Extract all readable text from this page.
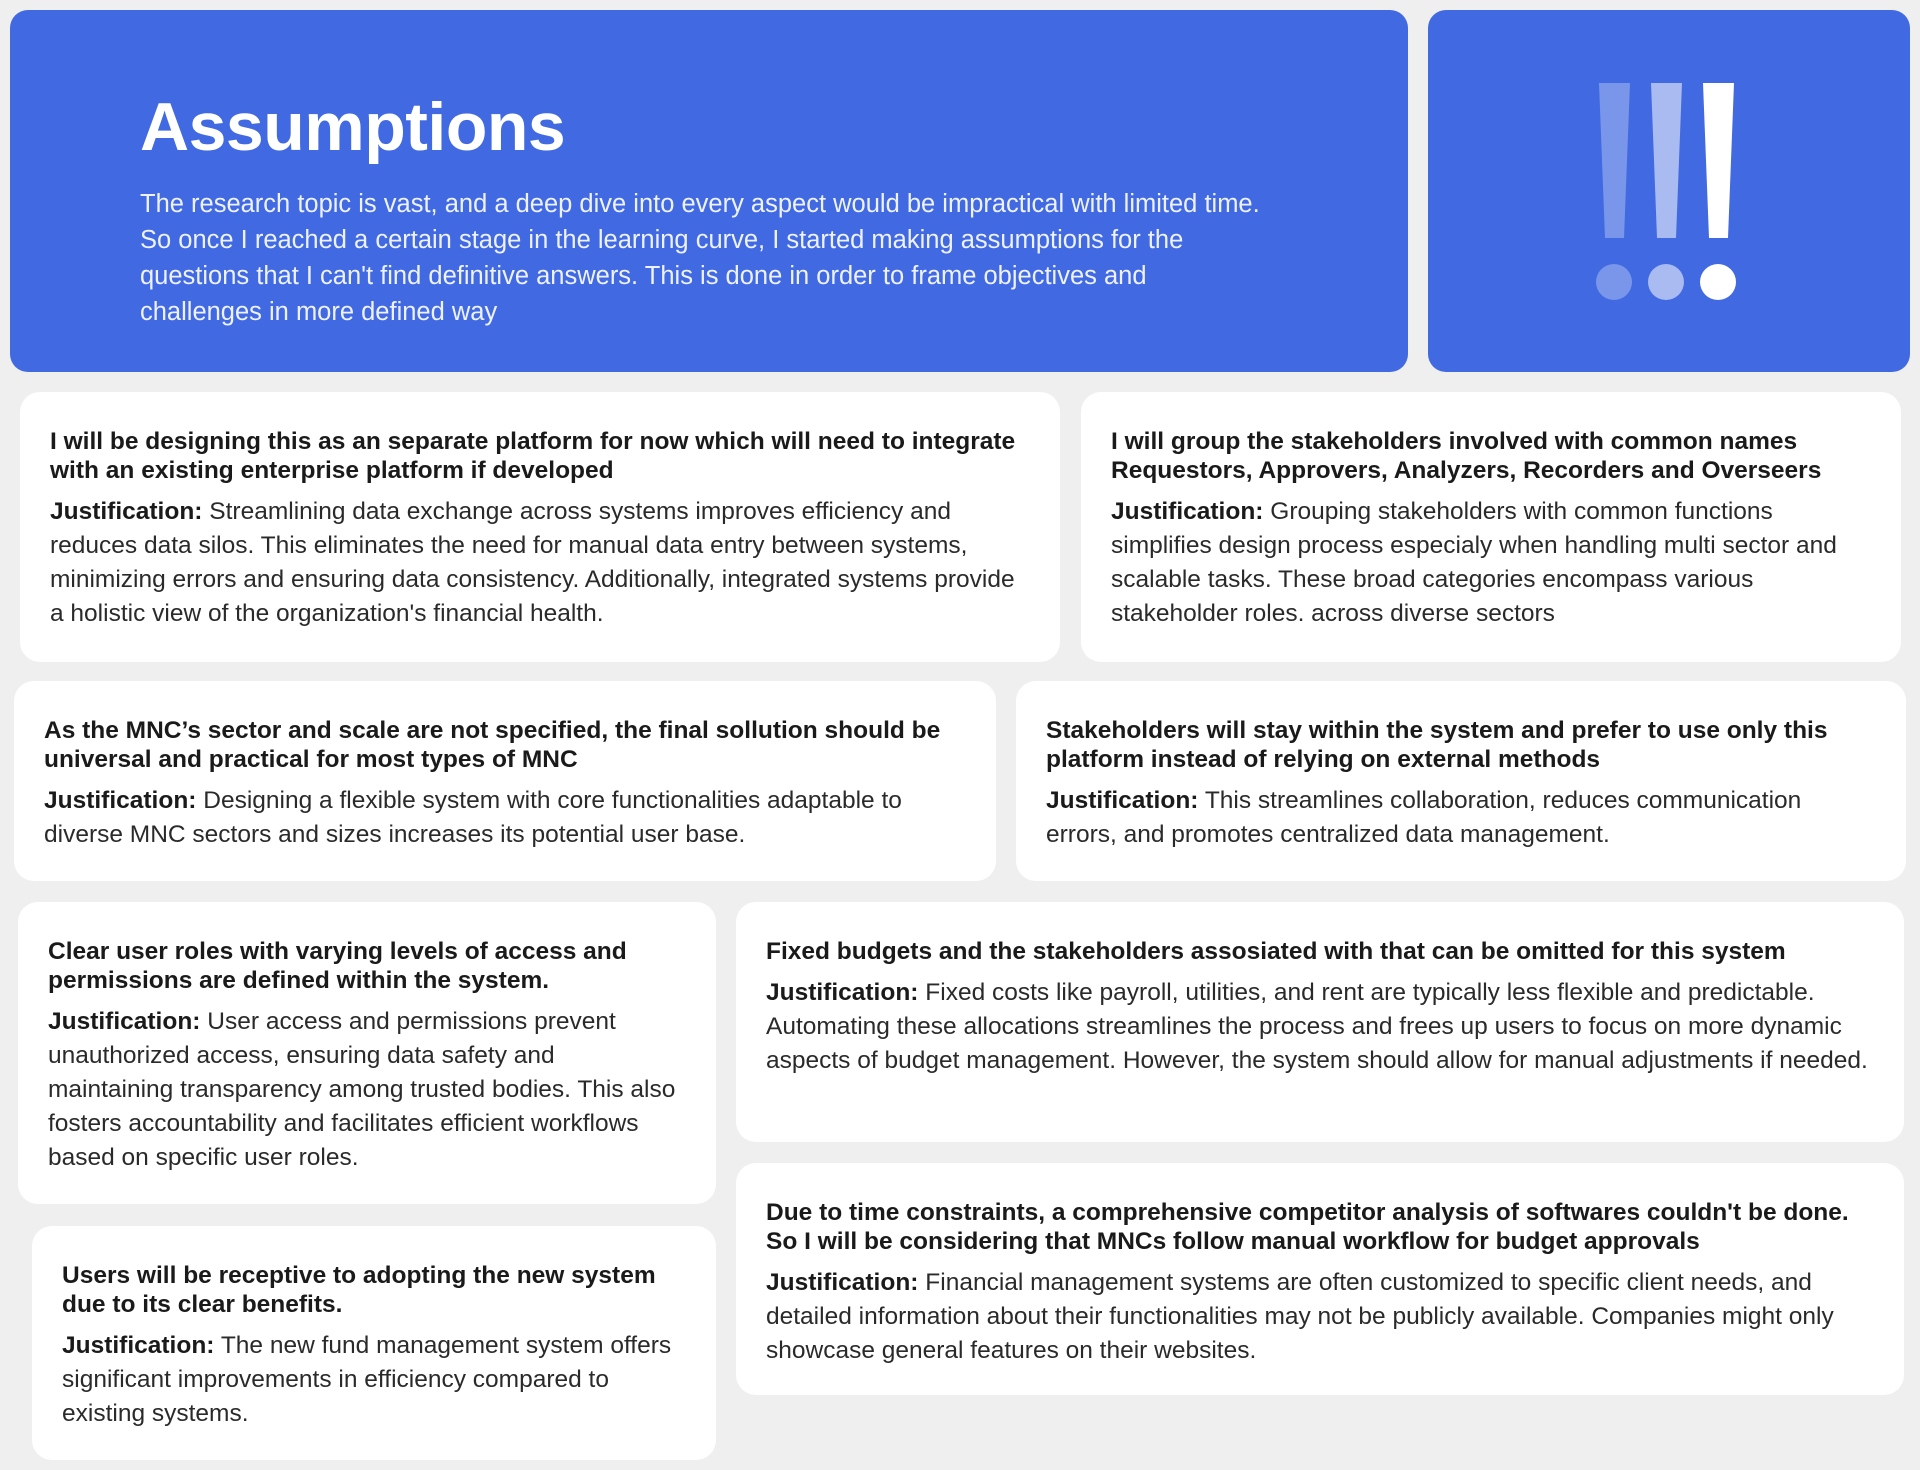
Assumptions

The research topic is vast, and a deep dive into every aspect would be impractical with limited time. So once I reached a certain stage in the learning curve, I started making assumptions for the questions that I can't find definitive answers. This is done in order to frame objectives and challenges in more defined way

I will be designing this as an separate platform for now which will need to integrate with an existing enterprise platform if developed

Justification: Streamlining data exchange across systems improves efficiency and reduces data silos. This eliminates the need for manual data entry between systems, minimizing errors and ensuring data consistency. Additionally, integrated systems provide a holistic view of the organization's financial health.

I will group the stakeholders involved with common names Requestors, Approvers, Analyzers, Recorders and Overseers

Justification: Grouping stakeholders with common functions simplifies design process especialy when handling multi sector and scalable tasks. These broad categories encompass various stakeholder roles. across diverse sectors

As the MNC’s sector and scale are not specified, the final sollution should be universal and practical for most types of MNC

Justification: Designing a flexible system with core functionalities adaptable to diverse MNC sectors and sizes increases its potential user base.

Stakeholders will stay within the system and prefer to use only this platform instead of relying on external methods

Justification: This streamlines collaboration, reduces communication errors, and promotes centralized data management.

Clear user roles with varying levels of access and permissions are defined within the system.

Justification: User access and permissions prevent unauthorized access, ensuring data safety and maintaining transparency among trusted bodies. This also fosters accountability and facilitates efficient workflows based on specific user roles.

Fixed budgets and the stakeholders assosiated with that can be omitted for this system

Justification: Fixed costs like payroll, utilities, and rent are typically less flexible and predictable. Automating these allocations streamlines the process and frees up users to focus on more dynamic aspects of budget management. However, the system should allow for manual adjustments if needed.

Users will be receptive to adopting the new system due to its clear benefits.

Justification: The new fund management system offers significant improvements in efficiency compared to existing systems.

Due to time constraints, a comprehensive competitor analysis of softwares couldn't be done. So I will be considering that MNCs follow manual workflow for budget approvals

Justification: Financial management systems are often customized to specific client needs, and detailed information about their functionalities may not be publicly available. Companies might only showcase general features on their websites.
